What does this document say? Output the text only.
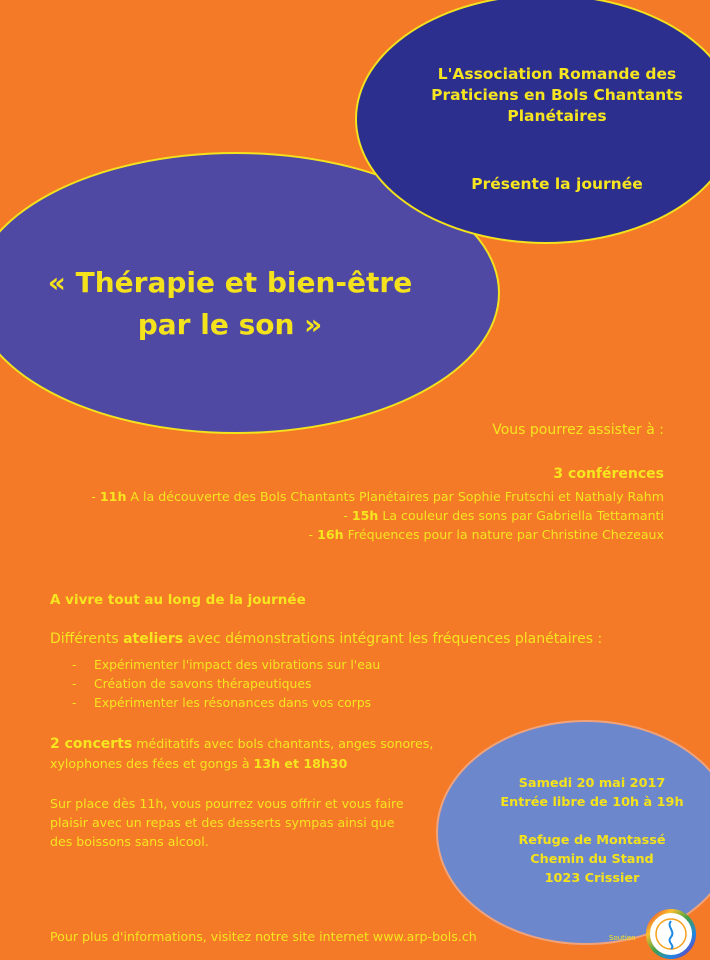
L'Association Romande des
Praticiens en Bols Chantants
Planétaires
Présente la journée
« Thérapie et bien-être
par le son »
Vous pourrez assister à :
3 conférences
- 11h A la découverte des Bols Chantants Planétaires par Sophie Frutschi et Nathaly Rahm
- 15h La couleur des sons par Gabriella Tettamanti
- 16h Fréquences pour la nature par Christine Chezeaux
A vivre tout au long de la journée
Différents ateliers avec démonstrations intégrant les fréquences planétaires :
- Expérimenter l'impact des vibrations sur l'eau
- Création de savons thérapeutiques
- Expérimenter les résonances dans vos corps
2 concerts méditatifs avec bols chantants, anges sonores,
xylophones des fées et gongs à 13h et 18h30
Sur place dès 11h, vous pourrez vous offrir et vous faire
plaisir avec un repas et des desserts sympas ainsi que
des boissons sans alcool.
Samedi 20 mai 2017
Entrée libre de 10h à 19h
Refuge de Montassé
Chemin du Stand
1023 Crissier
Pour plus d'informations, visitez notre site internet www.arp-bols.ch	Soutien
